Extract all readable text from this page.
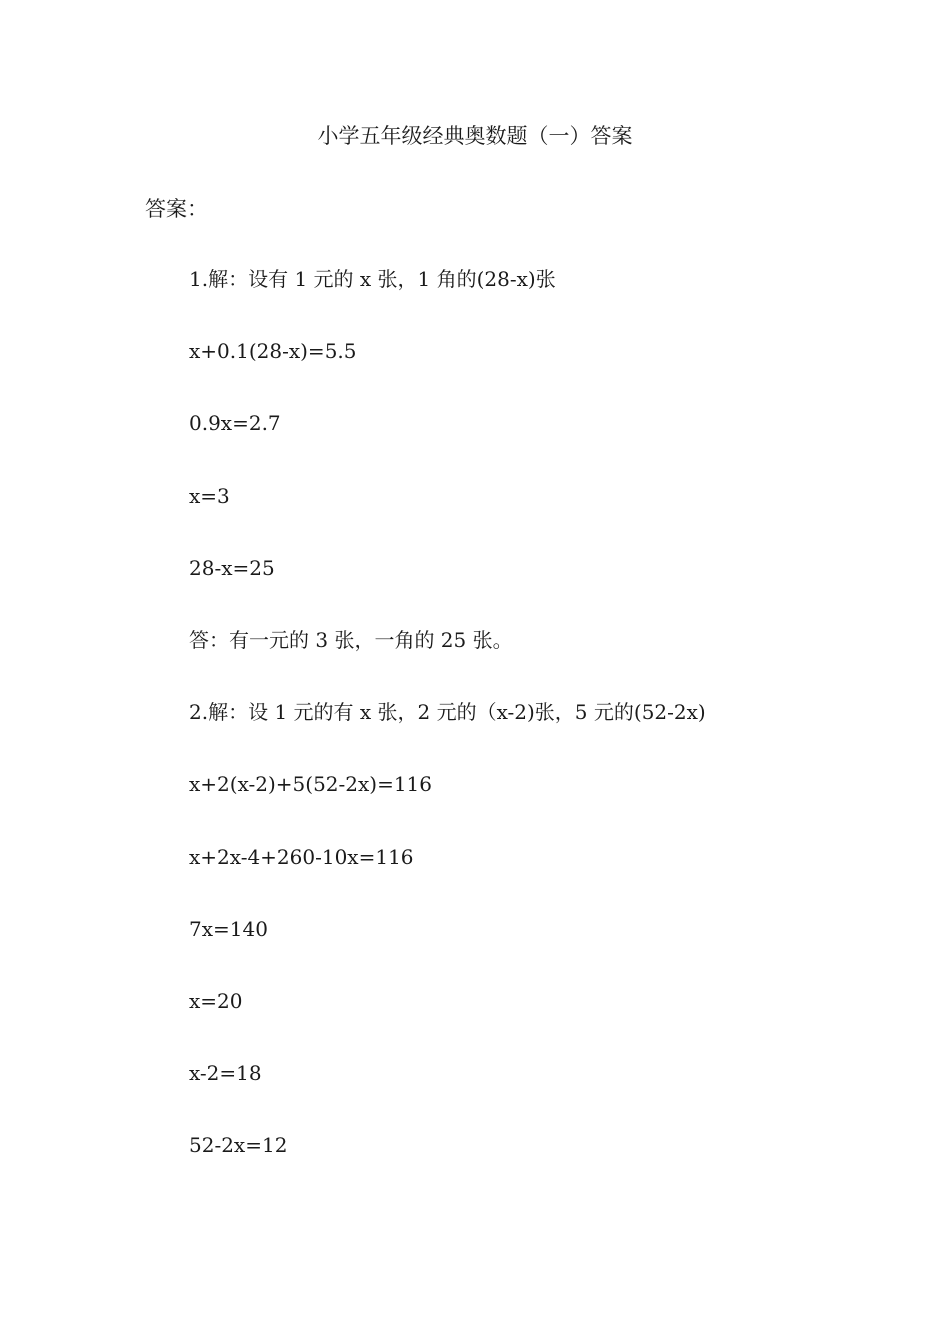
小学五年级经典奥数题（一）答案
答案：
1.解：设有 1 元的 x 张，1 角的(28-x)张
x+0.1(28-x)=5.5
0.9x=2.7
x=3
28-x=25
答：有一元的 3 张，一角的 25 张。
2.解：设 1 元的有 x 张，2 元的（x-2)张，5 元的(52-2x)
x+2(x-2)+5(52-2x)=116
x+2x-4+260-10x=116
7x=140
x=20
x-2=18
52-2x=12
